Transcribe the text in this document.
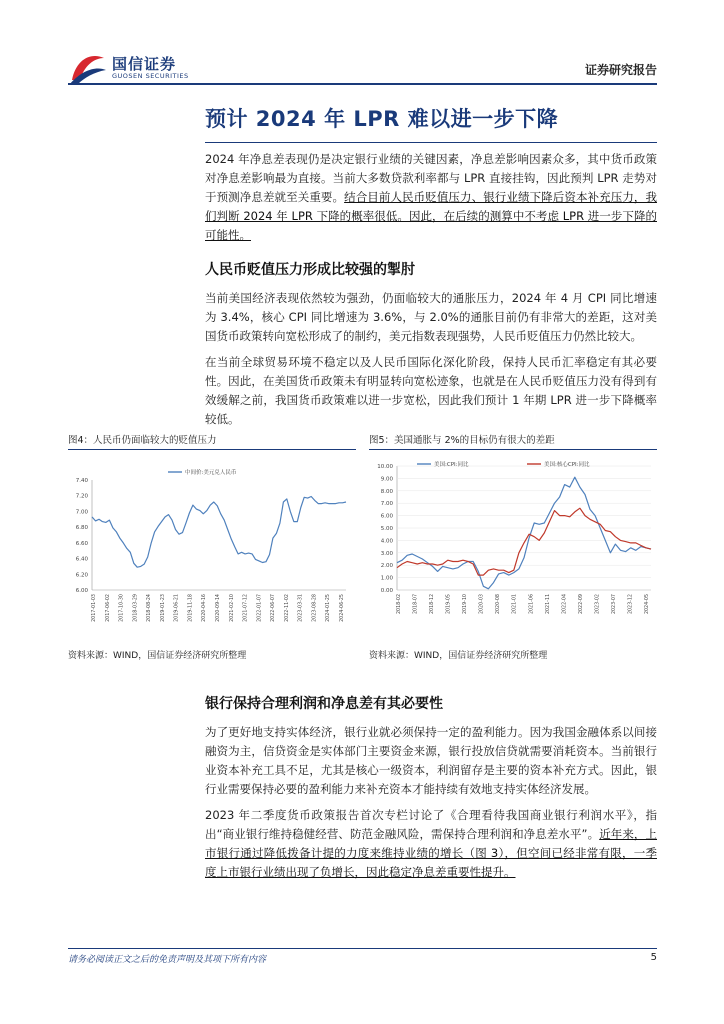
国信证券
GUOSEN SECURITIES	证券研究报告
预计 2024 年 LPR 难以进一步下降
2024 年净息差表现仍是决定银行业绩的关键因素，净息差影响因素众多，其中货币政策对净息差影响最为直接。当前大多数贷款利率都与 LPR 直接挂钩，因此预判 LPR 走势对于预测净息差就至关重要。结合目前人民币贬值压力、银行业绩下降后资本补充压力，我们判断 2024 年 LPR 下降的概率很低。因此，在后续的测算中不考虑 LPR 进一步下降的可能性。
人民币贬值压力形成比较强的掣肘
当前美国经济表现依然较为强劲，仍面临较大的通胀压力，2024 年 4 月 CPI 同比增速为 3.4%，核心 CPI 同比增速为 3.6%，与 2.0%的通胀目前仍有非常大的差距，这对美国货币政策转向宽松形成了的制约，美元指数表现强势，人民币贬值压力仍然比较大。
在当前全球贸易环境不稳定以及人民币国际化深化阶段，保持人民币汇率稳定有其必要性。因此，在美国货币政策未有明显转向宽松迹象，也就是在人民币贬值压力没有得到有效缓解之前，我国货币政策难以进一步宽松，因此我们预计 1 年期 LPR 进一步下降概率较低。
图4：人民币仍面临较大的贬值压力
7.40
7.20
7.00
6.80
6.60
6.40
6.20
6.00
2017-01-03 2017-06-02 2017-10-30 2018-03-29 2018-08-24 2019-01-23 2019-06-21 2019-11-18 2020-04-16 2020-09-14 2021-02-10 2021-07-12 2022-01-07 2022-06-07 2022-11-02 2023-03-31 2023-08-28 2024-01-25 2024-06-25
中间价:美元兑人民币
资料来源：WIND，国信证券经济研究所整理
图5：美国通胀与 2%的目标仍有很大的差距
10.00
9.00
8.00
7.00
6.00
5.00
4.00
3.00
2.00
1.00
0.00
2018-02 2018-07 2018-12 2019-05 2019-10 2020-03 2020-08 2021-01 2021-06 2021-11 2022-04 2022-09 2023-02 2023-07 2023-12 2024-05
美国:CPI:同比	美国:核心CPI:同比
资料来源：WIND，国信证券经济研究所整理
银行保持合理利润和净息差有其必要性
为了更好地支持实体经济，银行业就必须保持一定的盈利能力。因为我国金融体系以间接融资为主，信贷资金是实体部门主要资金来源，银行投放信贷就需要消耗资本。当前银行业资本补充工具不足，尤其是核心一级资本，利润留存是主要的资本补充方式。因此，银行业需要保持必要的盈利能力来补充资本才能持续有效地支持实体经济发展。
2023 年二季度货币政策报告首次专栏讨论了《合理看待我国商业银行利润水平》，指出“商业银行维持稳健经营、防范金融风险，需保持合理利润和净息差水平”。近年来，上市银行通过降低拨备计提的力度来维持业绩的增长（图 3），但空间已经非常有限，一季度上市银行业绩出现了负增长，因此稳定净息差重要性提升。
请务必阅读正文之后的免责声明及其项下所有内容	5
